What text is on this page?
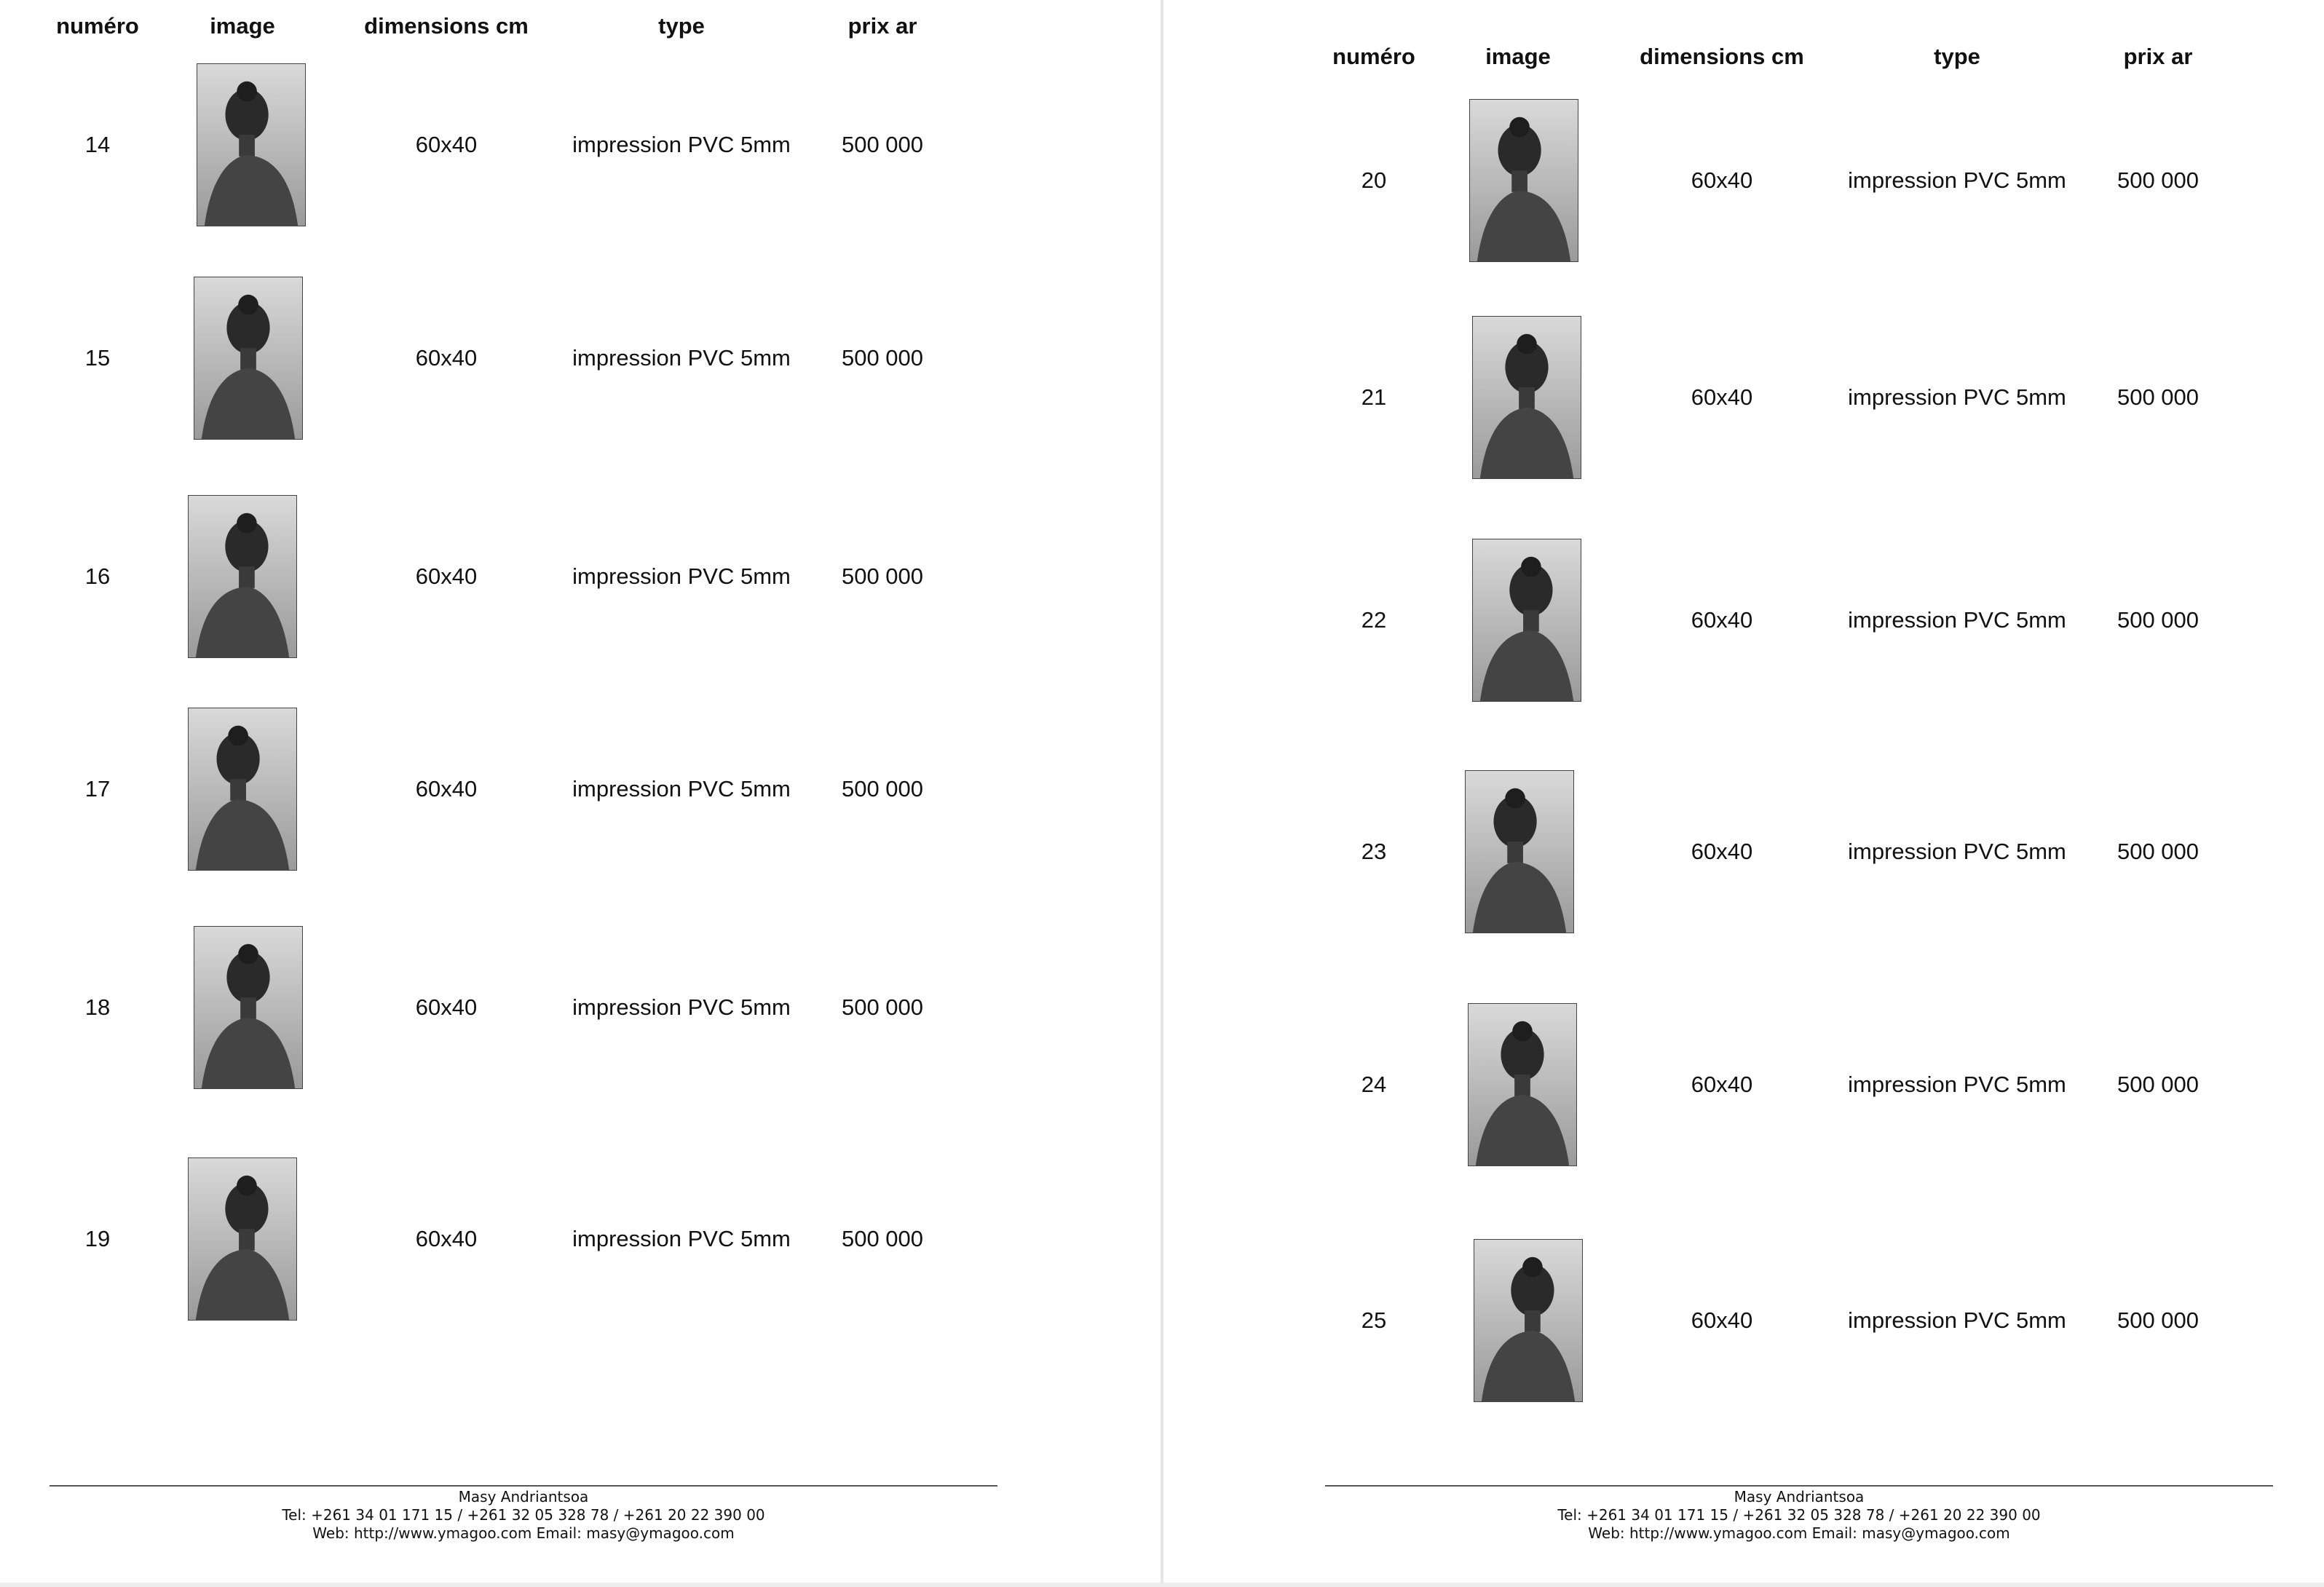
numéro	image	dimensions cm	type	prix ar
14	60x40	impression PVC 5mm 500 000
15	60x40	impression PVC 5mm 500 000
16	60x40	impression PVC 5mm 500 000
17	60x40	impression PVC 5mm 500 000
18	60x40	impression PVC 5mm 500 000
19	60x40	impression PVC 5mm 500 000
Masy Andriantsoa
Tel: +261 34 01 171 15 / +261 32 05 328 78 / +261 20 22 390 00
Web: http://www.ymagoo.com Email: masy@ymagoo.com
numéro	image	dimensions cm	type	prix ar
20	60x40	impression PVC 5mm 500 000
21	60x40	impression PVC 5mm 500 000
22	60x40	impression PVC 5mm 500 000
23	60x40	impression PVC 5mm 500 000
24	60x40	impression PVC 5mm 500 000
25	60x40	impression PVC 5mm 500 000
Masy Andriantsoa
Tel: +261 34 01 171 15 / +261 32 05 328 78 / +261 20 22 390 00
Web: http://www.ymagoo.com Email: masy@ymagoo.com
